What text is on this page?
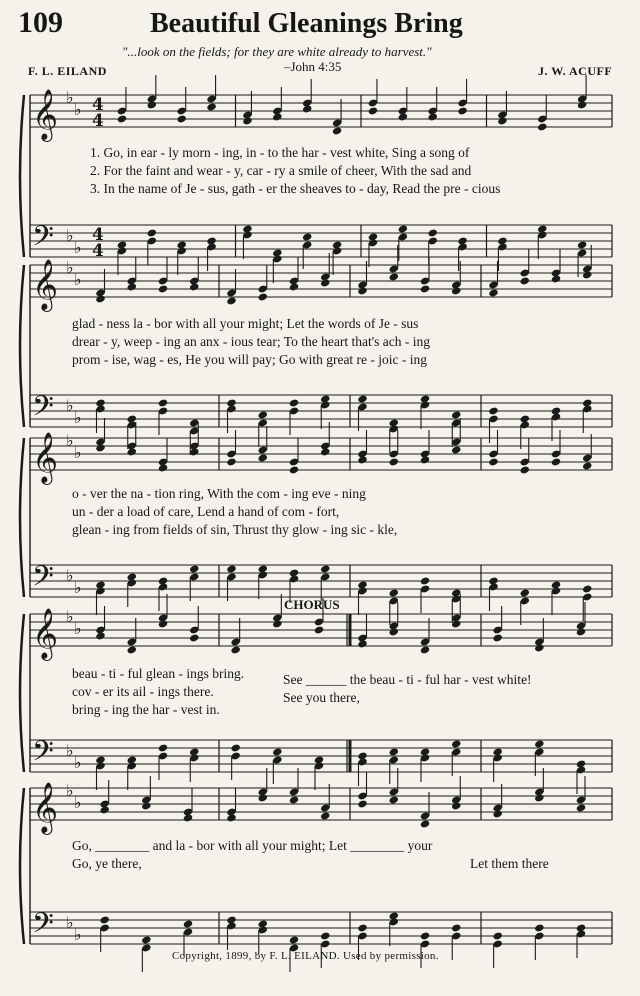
109	Beautiful Gleanings Bring
"...look on the fields; for they are white already to harvest."
F. L. EILAND	–John 4:35	J. W. ACUFF
𝄞
𝄢
♭
♭
♭
♭
4
4
4
4
𝄞
𝄢
♭
♭
♭
♭
𝄞
𝄢
♭
♭
♭
♭
𝄞
𝄢
♭
♭
♭
♭
𝄞
𝄢
♭
♭
♭
♭
1. Go, in ear - ly morn - ing, in - to the har - vest white, Sing a song of
2. For the faint and wear - y, car - ry a smile of cheer, With the sad and
3. In the name of Je - sus, gath - er the sheaves to - day, Read the pre - cious
glad - ness la - bor with all your might; Let the words of Je - sus
drear - y, weep - ing an anx - ious tear; To the heart that's ach - ing
prom - ise, wag - es, He you will pay; Go with great re - joic - ing
o - ver the na - tion ring, With the com - ing eve - ning
un - der a load of care, Lend a hand of com - fort,
glean - ing from fields of sin, Thrust thy glow - ing sic - kle,
CHORUS
beau - ti - ful glean - ings bring.
cov - er its ail - ings there.
bring - ing the har - vest in.
See ______ the beau - ti - ful har - vest white!
See you there,
Go, ________ and la - bor with all your might; Let ________ your
Go, ye there,	Let them there
Copyright, 1899, by F. L. EILAND. Used by permission.
